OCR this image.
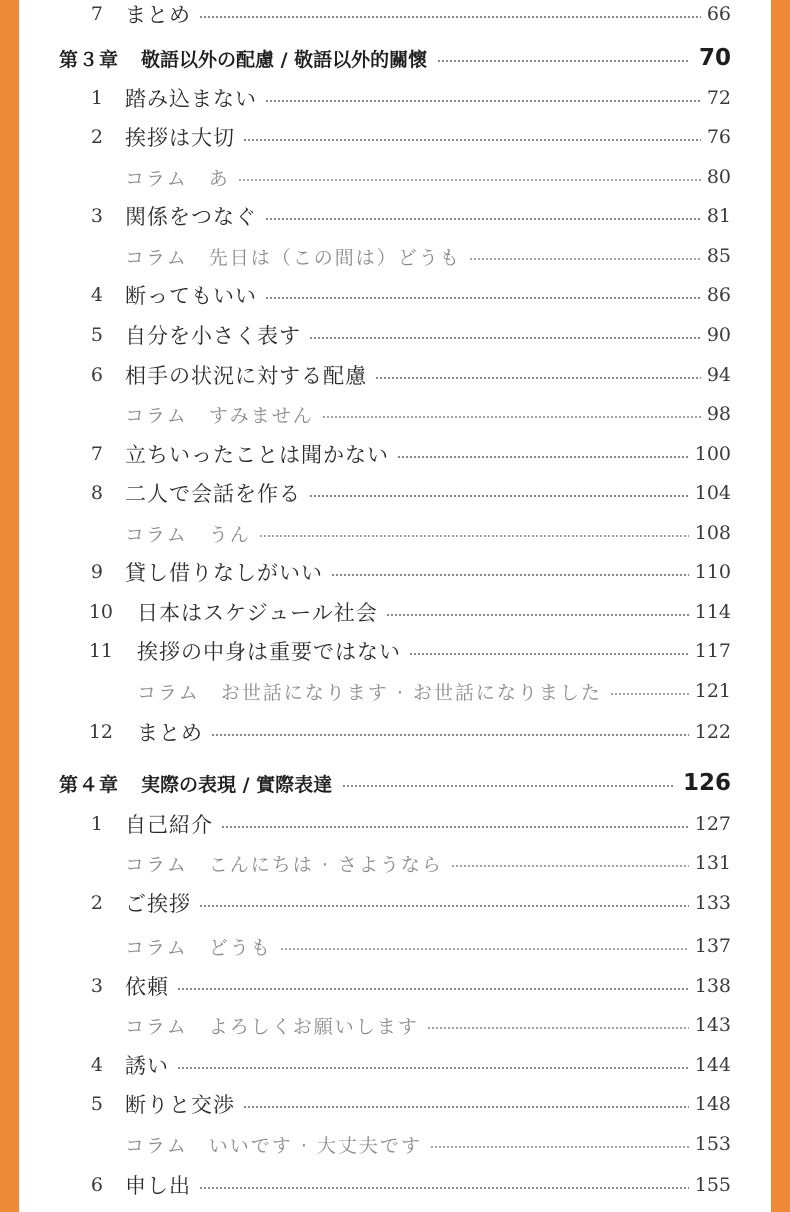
7 まとめ	66
第３章 敬語以外の配慮 / 敬語以外的關懷	70
1 踏み込まない	72
2 挨拶は大切	76
コラム　あ	80
3 関係をつなぐ	81
コラム　先日は（この間は）どうも	85
4 断ってもいい	86
5 自分を小さく表す	90
6 相手の状況に対する配慮	94
コラム　すみません	98
7 立ちいったことは聞かない	100
8 二人で会話を作る	104
コラム　うん	108
9 貸し借りなしがいい	110
10 日本はスケジュール社会	114
11 挨拶の中身は重要ではない	117
コラム　お世話になります · お世話になりました	121
12 まとめ	122
第４章 実際の表現 / 實際表達	126
1 自己紹介	127
コラム　こんにちは · さようなら	131
2 ご挨拶	133
コラム　どうも	137
3 依頼	138
コラム　よろしくお願いします	143
4 誘い	144
5 断りと交渉	148
コラム　いいです · 大丈夫です	153
6 申し出	155
